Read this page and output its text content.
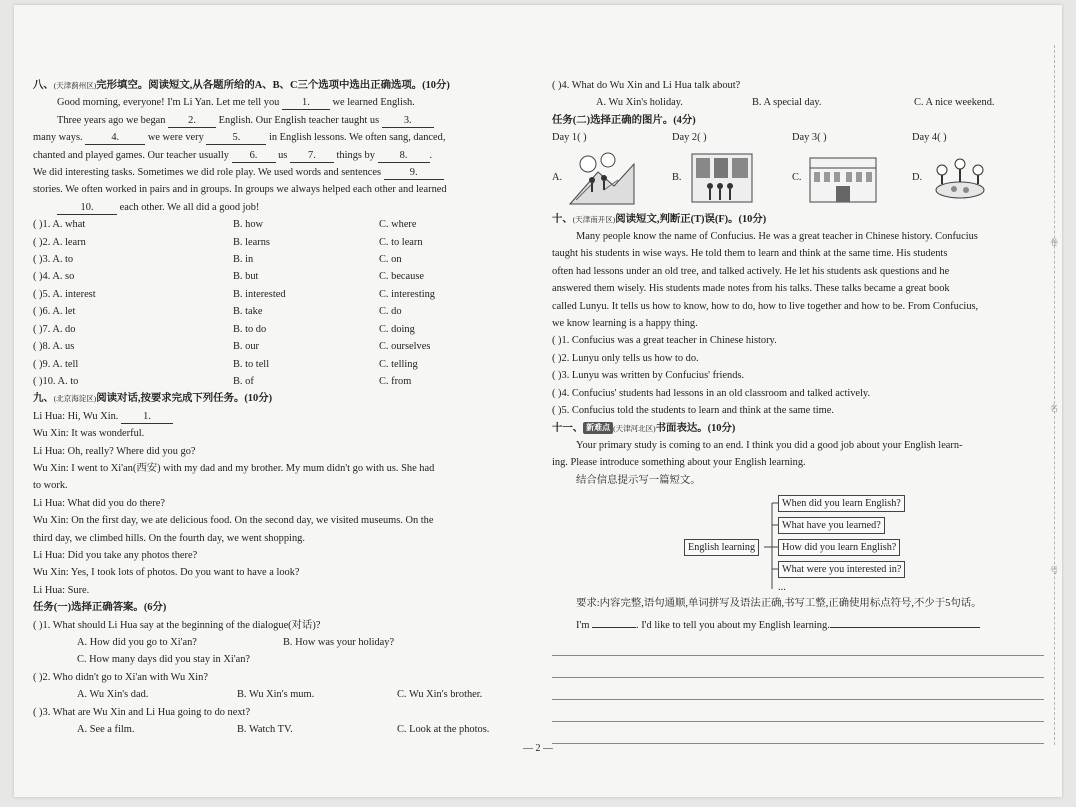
八、(天津蓟州区)完形填空。阅读短文,从各题所给的A、B、C三个选项中选出正确选项。(10分)
Good morning, everyone! I'm Li Yan. Let me tell you 1. we learned English.
Three years ago we began 2. English. Our English teacher taught us 3.
many ways.	4.	we were very	5.	in English lessons. We often sang, danced,
chanted and played games. Our teacher usually 6. us 7. things by 8. .
We did interesting tasks. Sometimes we did role play. We used words and sentences	9.
stories. We often worked in pairs and in groups. In groups we always helped each other and learned
10. each other. We all did a good job!
( )1. A. what	B. how	C. where
( )2. A. learn	B. learns	C. to learn
( )3. A. to	B. in	C. on
( )4. A. so	B. but	C. because
( )5. A. interest	B. interested	C. interesting
( )6. A. let	B. take	C. do
( )7. A. do	B. to do	C. doing
( )8. A. us	B. our	C. ourselves
( )9. A. tell	B. to tell	C. telling
( )10. A. to	B. of	C. from
九、(北京海淀区)阅读对话,按要求完成下列任务。(10分)
Li Hua: Hi, Wu Xin. 1.
Wu Xin: It was wonderful.
Li Hua: Oh, really? Where did you go?
Wu Xin: I went to Xi'an(西安) with my dad and my brother. My mum didn't go with us. She had
to work.
Li Hua: What did you do there?
Wu Xin: On the first day, we ate delicious food. On the second day, we visited museums. On the
third day, we climbed hills. On the fourth day, we went shopping.
Li Hua: Did you take any photos there?
Wu Xin: Yes, I took lots of photos. Do you want to have a look?
Li Hua: Sure.
任务(一)选择正确答案。(6分)
( )1. What should Li Hua say at the beginning of the dialogue(对话)?
A. How did you go to Xi'an?	B. How was your holiday?
C. How many days did you stay in Xi'an?
( )2. Who didn't go to Xi'an with Wu Xin?
A. Wu Xin's dad.	B. Wu Xin's mum.	C. Wu Xin's brother.
( )3. What are Wu Xin and Li Hua going to do next?
A. See a film.	B. Watch TV.	C. Look at the photos.
( )4. What do Wu Xin and Li Hua talk about?
A. Wu Xin's holiday.	B. A special day.	C. A nice weekend.
任务(二)选择正确的图片。(4分)
Day 1( )	Day 2( )	Day 3( )	Day 4( )
A.	B.	C.	D.
十、(天津南开区)阅读短文,判断正(T)误(F)。(10分)
Many people know the name of Confucius. He was a great teacher in Chinese history. Confucius
taught his students in wise ways. He told them to learn and think at the same time. His students
often had lessons under an old tree, and talked actively. He let his students ask questions and he
answered them wisely. His students made notes from his talks. These talks became a great book
called Lunyu. It tells us how to know, how to do, how to live together and how to be. From Confucius,
we know learning is a happy thing.
( )1. Confucius was a great teacher in Chinese history.
( )2. Lunyu only tells us how to do.
( )3. Lunyu was written by Confucius' friends.
( )4. Confucius' students had lessons in an old classroom and talked actively.
( )5. Confucius told the students to learn and think at the same time.
十一、 新难点 (天津河北区)书面表达。(10分)
Your primary study is coming to an end. I think you did a good job about your English learn-
ing. Please introduce something about your English learning.
结合信息提示写一篇短文。
English learning
When did you learn English?
What have you learned?
How did you learn English?
What were you interested in?
...
要求:内容完整,语句通顺,单词拼写及语法正确,书写工整,正确使用标点符号,不少于5句话。
I'm	. I'd like to tell you about my English learning.
— 2 —
卷
名
号
